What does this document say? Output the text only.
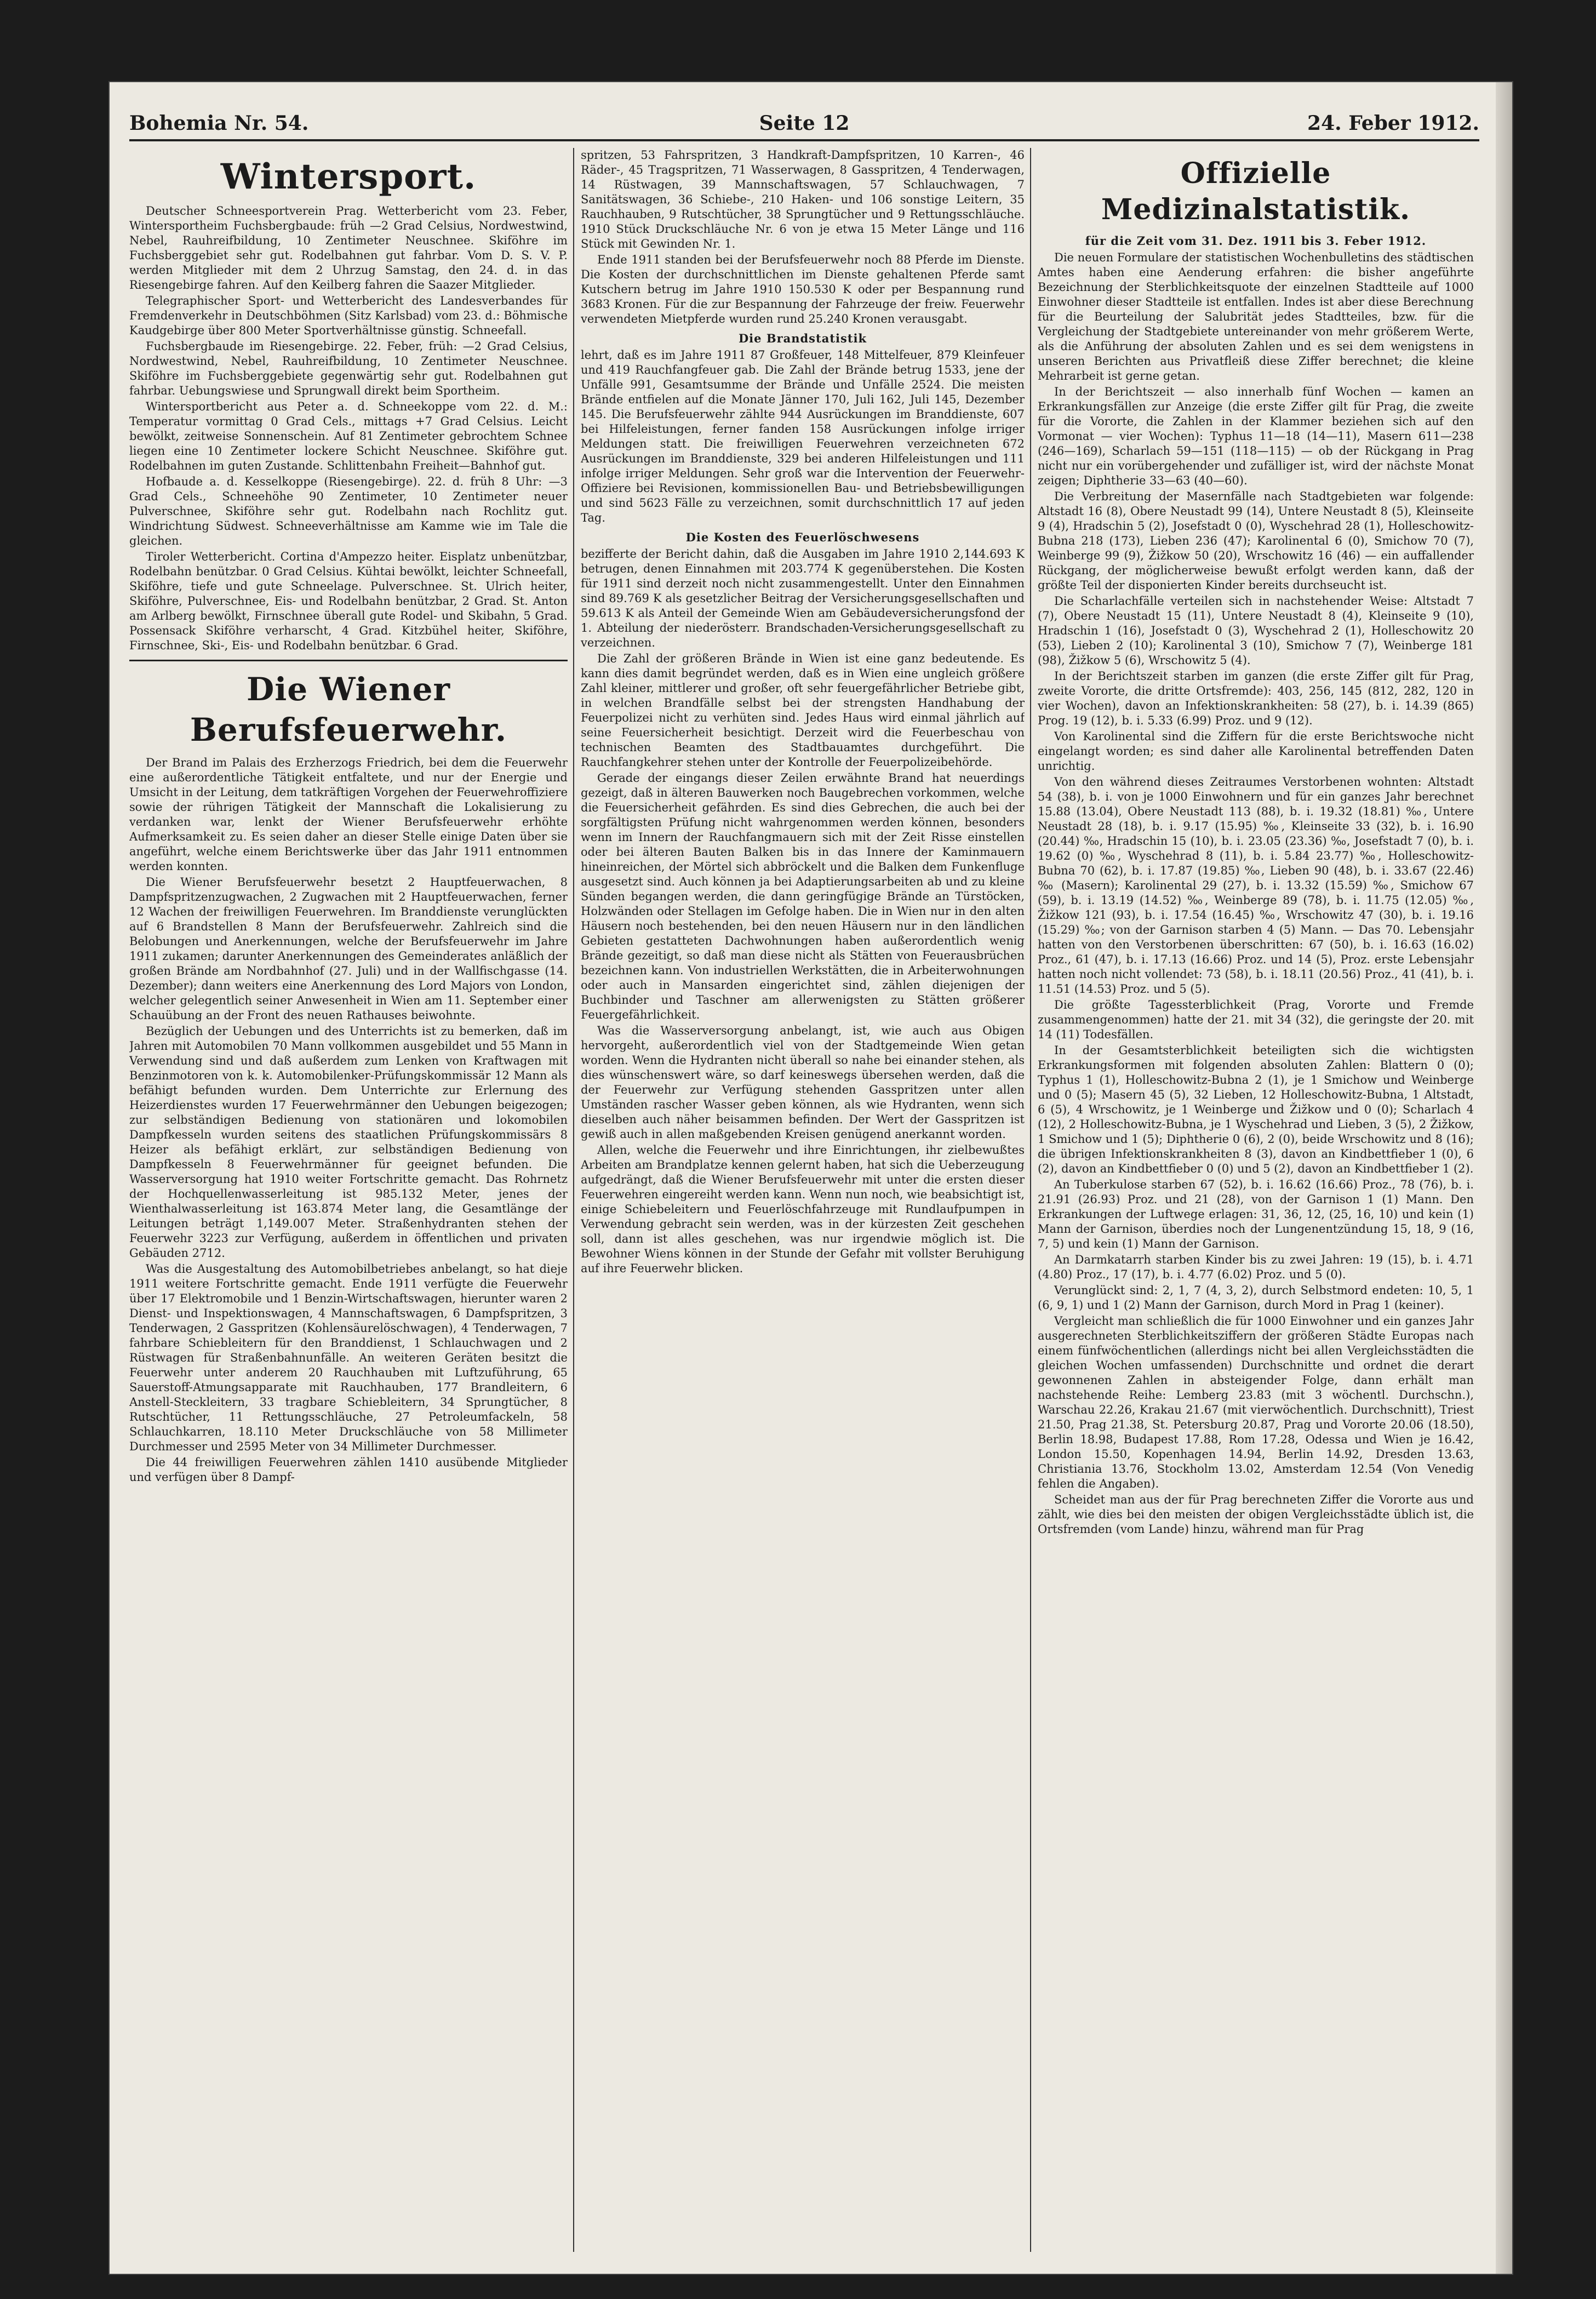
Bohemia Nr. 54.	Seite 12	24. Feber 1912.
Wintersport.

Deutscher Schneesportverein Prag. Wetterbericht vom 23. Feber, Wintersportheim Fuchsbergbaude: früh —2 Grad Celsius, Nordwestwind, Nebel, Rauhreifbildung, 10 Zentimeter Neuschnee. Skiföhre im Fuchsberggebiet sehr gut. Rodelbahnen gut fahrbar. Vom D. S. V. P. werden Mitglieder mit dem 2 Uhrzug Samstag, den 24. d. in das Riesengebirge fahren. Auf den Keilberg fahren die Saazer Mitglieder.

Telegraphischer Sport- und Wetterbericht des Landesverbandes für Fremdenverkehr in Deutschböhmen (Sitz Karlsbad) vom 23. d.: Böhmische Kaudgebirge über 800 Meter Sportverhältnisse günstig. Schneefall.

Fuchsbergbaude im Riesengebirge. 22. Feber, früh: —2 Grad Celsius, Nordwestwind, Nebel, Rauhreifbildung, 10 Zentimeter Neuschnee. Skiföhre im Fuchsberggebiete gegenwärtig sehr gut. Rodelbahnen gut fahrbar. Uebungswiese und Sprungwall direkt beim Sportheim.

Wintersportbericht aus Peter a. d. Schneekoppe vom 22. d. M.: Temperatur vormittag 0 Grad Cels., mittags +7 Grad Celsius. Leicht bewölkt, zeitweise Sonnenschein. Auf 81 Zentimeter gebrochtem Schnee liegen eine 10 Zentimeter lockere Schicht Neuschnee. Skiföhre gut. Rodelbahnen im guten Zustande. Schlittenbahn Freiheit—Bahnhof gut.

Hofbaude a. d. Kesselkoppe (Riesengebirge). 22. d. früh 8 Uhr: —3 Grad Cels., Schneehöhe 90 Zentimeter, 10 Zentimeter neuer Pulverschnee, Skiföhre sehr gut. Rodelbahn nach Rochlitz gut. Windrichtung Südwest. Schneeverhältnisse am Kamme wie im Tale die gleichen.

Tiroler Wetterbericht. Cortina d'Ampezzo heiter. Eisplatz unbenützbar, Rodelbahn benützbar. 0 Grad Celsius. Kühtai bewölkt, leichter Schneefall, Skiföhre, tiefe und gute Schneelage. Pulverschnee. St. Ulrich heiter, Skiföhre, Pulverschnee, Eis- und Rodelbahn benützbar, 2 Grad. St. Anton am Arlberg bewölkt, Firnschnee überall gute Rodel- und Skibahn, 5 Grad. Possensack Skiföhre verharscht, 4 Grad. Kitzbühel heiter, Skiföhre, Firnschnee, Ski-, Eis- und Rodelbahn benützbar. 6 Grad.

Die Wiener Berufsfeuerwehr.

Der Brand im Palais des Erzherzogs Friedrich, bei dem die Feuerwehr eine außerordentliche Tätigkeit entfaltete, und nur der Energie und Umsicht in der Leitung, dem tatkräftigen Vorgehen der Feuerwehroffiziere sowie der rührigen Tätigkeit der Mannschaft die Lokalisierung zu verdanken war, lenkt der Wiener Berufsfeuerwehr erhöhte Aufmerksamkeit zu. Es seien daher an dieser Stelle einige Daten über sie angeführt, welche einem Berichtswerke über das Jahr 1911 entnommen werden konnten.

Die Wiener Berufsfeuerwehr besetzt 2 Hauptfeuerwachen, 8 Dampfspritzenzugwachen, 2 Zugwachen mit 2 Hauptfeuerwachen, ferner 12 Wachen der freiwilligen Feuerwehren. Im Branddienste verunglückten auf 6 Brandstellen 8 Mann der Berufsfeuerwehr. Zahlreich sind die Belobungen und Anerkennungen, welche der Berufsfeuerwehr im Jahre 1911 zukamen; darunter Anerkennungen des Gemeinderates anläßlich der großen Brände am Nordbahnhof (27. Juli) und in der Wallfischgasse (14. Dezember); dann weiters eine Anerkennung des Lord Majors von London, welcher gelegentlich seiner Anwesenheit in Wien am 11. September einer Schauübung an der Front des neuen Rathauses beiwohnte.

Bezüglich der Uebungen und des Unterrichts ist zu bemerken, daß im Jahren mit Automobilen 70 Mann vollkommen ausgebildet und 55 Mann in Verwendung sind und daß außerdem zum Lenken von Kraftwagen mit Benzinmotoren von k. k. Automobilenker-Prüfungskommissär 12 Mann als befähigt befunden wurden. Dem Unterrichte zur Erlernung des Heizerdienstes wurden 17 Feuerwehrmänner den Uebungen beigezogen; zur selbständigen Bedienung von stationären und lokomobilen Dampfkesseln wurden seitens des staatlichen Prüfungskommissärs 8 Heizer als befähigt erklärt, zur selbständigen Bedienung von Dampfkesseln 8 Feuerwehrmänner für geeignet befunden. Die Wasserversorgung hat 1910 weiter Fortschritte gemacht. Das Rohrnetz der Hochquellenwasserleitung ist 985.132 Meter, jenes der Wienthalwasserleitung ist 163.874 Meter lang, die Gesamtlänge der Leitungen beträgt 1,149.007 Meter. Straßenhydranten stehen der Feuerwehr 3223 zur Verfügung, außerdem in öffentlichen und privaten Gebäuden 2712.

Was die Ausgestaltung des Automobilbetriebes anbelangt, so hat dieje 1911 weitere Fortschritte gemacht. Ende 1911 verfügte die Feuerwehr über 17 Elektromobile und 1 Benzin-Wirtschaftswagen, hierunter waren 2 Dienst- und Inspektionswagen, 4 Mannschaftswagen, 6 Dampfspritzen, 3 Tenderwagen, 2 Gasspritzen (Kohlensäurelöschwagen), 4 Tenderwagen, 7 fahrbare Schiebleitern für den Branddienst, 1 Schlauchwagen und 2 Rüstwagen für Straßenbahnunfälle. An weiteren Geräten besitzt die Feuerwehr unter anderem 20 Rauchhauben mit Luftzuführung, 65 Sauerstoff-Atmungsapparate mit Rauchhauben, 177 Brandleitern, 6 Anstell-Steckleitern, 33 tragbare Schiebleitern, 34 Sprungtücher, 8 Rutschtücher, 11 Rettungsschläuche, 27 Petroleumfackeln, 58 Schlauchkarren, 18.110 Meter Druckschläuche von 58 Millimeter Durchmesser und 2595 Meter von 34 Millimeter Durchmesser.

Die 44 freiwilligen Feuerwehren zählen 1410 ausübende Mitglieder und verfügen über 8 Dampf-

spritzen, 53 Fahrspritzen, 3 Handkraft-Dampfspritzen, 10 Karren-, 46 Räder-, 45 Tragspritzen, 71 Wasserwagen, 8 Gasspritzen, 4 Tenderwagen, 14 Rüstwagen, 39 Mannschaftswagen, 57 Schlauchwagen, 7 Sanitätswagen, 36 Schiebe-, 210 Haken- und 106 sonstige Leitern, 35 Rauchhauben, 9 Rutschtücher, 38 Sprungtücher und 9 Rettungsschläuche. 1910 Stück Druckschläuche Nr. 6 von je etwa 15 Meter Länge und 116 Stück mit Gewinden Nr. 1.

Ende 1911 standen bei der Berufsfeuerwehr noch 88 Pferde im Dienste. Die Kosten der durchschnittlichen im Dienste gehaltenen Pferde samt Kutschern betrug im Jahre 1910 150.530 K oder per Bespannung rund 3683 Kronen. Für die zur Bespannung der Fahrzeuge der freiw. Feuerwehr verwendeten Mietpferde wurden rund 25.240 Kronen verausgabt.

Die Brandstatistik

lehrt, daß es im Jahre 1911 87 Großfeuer, 148 Mittelfeuer, 879 Kleinfeuer und 419 Rauchfangfeuer gab. Die Zahl der Brände betrug 1533, jene der Unfälle 991, Gesamtsumme der Brände und Unfälle 2524. Die meisten Brände entfielen auf die Monate Jänner 170, Juli 162, Juli 145, Dezember 145. Die Berufsfeuerwehr zählte 944 Ausrückungen im Branddienste, 607 bei Hilfeleistungen, ferner fanden 158 Ausrückungen infolge irriger Meldungen statt. Die freiwilligen Feuerwehren verzeichneten 672 Ausrückungen im Branddienste, 329 bei anderen Hilfeleistungen und 111 infolge irriger Meldungen. Sehr groß war die Intervention der Feuerwehr-Offiziere bei Revisionen, kommissionellen Bau- und Betriebsbewilligungen und sind 5623 Fälle zu verzeichnen, somit durchschnittlich 17 auf jeden Tag.

Die Kosten des Feuerlöschwesens

bezifferte der Bericht dahin, daß die Ausgaben im Jahre 1910 2,144.693 K betrugen, denen Einnahmen mit 203.774 K gegenüberstehen. Die Kosten für 1911 sind derzeit noch nicht zusammengestellt. Unter den Einnahmen sind 89.769 K als gesetzlicher Beitrag der Versicherungsgesellschaften und 59.613 K als Anteil der Gemeinde Wien am Gebäudeversicherungsfond der 1. Abteilung der niederösterr. Brandschaden-Versicherungsgesellschaft zu verzeichnen.

Die Zahl der größeren Brände in Wien ist eine ganz bedeutende. Es kann dies damit begründet werden, daß es in Wien eine ungleich größere Zahl kleiner, mittlerer und großer, oft sehr feuergefährlicher Betriebe gibt, in welchen Brandfälle selbst bei der strengsten Handhabung der Feuerpolizei nicht zu verhüten sind. Jedes Haus wird einmal jährlich auf seine Feuersicherheit besichtigt. Derzeit wird die Feuerbeschau von technischen Beamten des Stadtbauamtes durchgeführt. Die Rauchfangkehrer stehen unter der Kontrolle der Feuerpolizeibehörde.

Gerade der eingangs dieser Zeilen erwähnte Brand hat neuerdings gezeigt, daß in älteren Bauwerken noch Baugebrechen vorkommen, welche die Feuersicherheit gefährden. Es sind dies Gebrechen, die auch bei der sorgfältigsten Prüfung nicht wahrgenommen werden können, besonders wenn im Innern der Rauchfangmauern sich mit der Zeit Risse einstellen oder bei älteren Bauten Balken bis in das Innere der Kaminmauern hineinreichen, der Mörtel sich abbröckelt und die Balken dem Funkenfluge ausgesetzt sind. Auch können ja bei Adaptierungsarbeiten ab und zu kleine Sünden begangen werden, die dann geringfügige Brände an Türstöcken, Holzwänden oder Stellagen im Gefolge haben. Die in Wien nur in den alten Häusern noch bestehenden, bei den neuen Häusern nur in den ländlichen Gebieten gestatteten Dachwohnungen haben außerordentlich wenig Brände gezeitigt, so daß man diese nicht als Stätten von Feuerausbrüchen bezeichnen kann. Von industriellen Werkstätten, die in Arbeiterwohnungen oder auch in Mansarden eingerichtet sind, zählen diejenigen der Buchbinder und Taschner am allerwenigsten zu Stätten größerer Feuergefährlichkeit.

Was die Wasserversorgung anbelangt, ist, wie auch aus Obigen hervorgeht, außerordentlich viel von der Stadtgemeinde Wien getan worden. Wenn die Hydranten nicht überall so nahe bei einander stehen, als dies wünschenswert wäre, so darf keineswegs übersehen werden, daß die der Feuerwehr zur Verfügung stehenden Gasspritzen unter allen Umständen rascher Wasser geben können, als wie Hydranten, wenn sich dieselben auch näher beisammen befinden. Der Wert der Gasspritzen ist gewiß auch in allen maßgebenden Kreisen genügend anerkannt worden.

Allen, welche die Feuerwehr und ihre Einrichtungen, ihr zielbewußtes Arbeiten am Brandplatze kennen gelernt haben, hat sich die Ueberzeugung aufgedrängt, daß die Wiener Berufsfeuerwehr mit unter die ersten dieser Feuerwehren eingereiht werden kann. Wenn nun noch, wie beabsichtigt ist, einige Schiebeleitern und Feuerlöschfahrzeuge mit Rundlaufpumpen in Verwendung gebracht sein werden, was in der kürzesten Zeit geschehen soll, dann ist alles geschehen, was nur irgendwie möglich ist. Die Bewohner Wiens können in der Stunde der Gefahr mit vollster Beruhigung auf ihre Feuerwehr blicken.

Offizielle Medizinalstatistik.
für die Zeit vom 31. Dez. 1911 bis 3. Feber 1912.

Die neuen Formulare der statistischen Wochenbulletins des städtischen Amtes haben eine Aenderung erfahren: die bisher angeführte Bezeichnung der Sterblichkeitsquote der einzelnen Stadtteile auf 1000 Einwohner dieser Stadtteile ist entfallen. Indes ist aber diese Berechnung für die Beurteilung der Salubrität jedes Stadtteiles, bzw. für die Vergleichung der Stadtgebiete untereinander von mehr größerem Werte, als die Anführung der absoluten Zahlen und es sei dem wenigstens in unseren Berichten aus Privatfleiß diese Ziffer berechnet; die kleine Mehrarbeit ist gerne getan.

In der Berichtszeit — also innerhalb fünf Wochen — kamen an Erkrankungsfällen zur Anzeige (die erste Ziffer gilt für Prag, die zweite für die Vororte, die Zahlen in der Klammer beziehen sich auf den Vormonat — vier Wochen): Typhus 11—18 (14—11), Masern 611—238 (246—169), Scharlach 59—151 (118—115) — ob der Rückgang in Prag nicht nur ein vorübergehender und zufälliger ist, wird der nächste Monat zeigen; Diphtherie 33—63 (40—60).

Die Verbreitung der Masernfälle nach Stadtgebieten war folgende: Altstadt 16 (8), Obere Neustadt 99 (14), Untere Neustadt 8 (5), Kleinseite 9 (4), Hradschin 5 (2), Josefstadt 0 (0), Wyschehrad 28 (1), Holleschowitz-Bubna 218 (173), Lieben 236 (47); Karolinental 6 (0), Smichow 70 (7), Weinberge 99 (9), Žižkow 50 (20), Wrschowitz 16 (46) — ein auffallender Rückgang, der möglicherweise bewußt erfolgt werden kann, daß der größte Teil der disponierten Kinder bereits durchseucht ist.

Die Scharlachfälle verteilen sich in nachstehender Weise: Altstadt 7 (7), Obere Neustadt 15 (11), Untere Neustadt 8 (4), Kleinseite 9 (10), Hradschin 1 (16), Josefstadt 0 (3), Wyschehrad 2 (1), Holleschowitz 20 (53), Lieben 2 (10); Karolinental 3 (10), Smichow 7 (7), Weinberge 181 (98), Žižkow 5 (6), Wrschowitz 5 (4).

In der Berichtszeit starben im ganzen (die erste Ziffer gilt für Prag, zweite Vororte, die dritte Ortsfremde): 403, 256, 145 (812, 282, 120 in vier Wochen), davon an Infektionskrankheiten: 58 (27), b. i. 14.39 (865) Prog. 19 (12), b. i. 5.33 (6.99) Proz. und 9 (12).

Von Karolinental sind die Ziffern für die erste Berichtswoche nicht eingelangt worden; es sind daher alle Karolinental betreffenden Daten unrichtig.

Von den während dieses Zeitraumes Verstorbenen wohnten: Altstadt 54 (38), b. i. von je 1000 Einwohnern und für ein ganzes Jahr berechnet 15.88 (13.04), Obere Neustadt 113 (88), b. i. 19.32 (18.81) ‰, Untere Neustadt 28 (18), b. i. 9.17 (15.95) ‰, Kleinseite 33 (32), b. i. 16.90 (20.44) ‰, Hradschin 15 (10), b. i. 23.05 (23.36) ‰, Josefstadt 7 (0), b. i. 19.62 (0) ‰, Wyschehrad 8 (11), b. i. 5.84 23.77) ‰, Holleschowitz-Bubna 70 (62), b. i. 17.87 (19.85) ‰, Lieben 90 (48), b. i. 33.67 (22.46) ‰ (Masern); Karolinental 29 (27), b. i. 13.32 (15.59) ‰, Smichow 67 (59), b. i. 13.19 (14.52) ‰, Weinberge 89 (78), b. i. 11.75 (12.05) ‰, Žižkow 121 (93), b. i. 17.54 (16.45) ‰, Wrschowitz 47 (30), b. i. 19.16 (15.29) ‰; von der Garnison starben 4 (5) Mann. — Das 70. Lebensjahr hatten von den Verstorbenen überschritten: 67 (50), b. i. 16.63 (16.02) Proz., 61 (47), b. i. 17.13 (16.66) Proz. und 14 (5), Proz. erste Lebensjahr hatten noch nicht vollendet: 73 (58), b. i. 18.11 (20.56) Proz., 41 (41), b. i. 11.51 (14.53) Proz. und 5 (5).

Die größte Tagessterblichkeit (Prag, Vororte und Fremde zusammengenommen) hatte der 21. mit 34 (32), die geringste der 20. mit 14 (11) Todesfällen.

In der Gesamtsterblichkeit beteiligten sich die wichtigsten Erkrankungsformen mit folgenden absoluten Zahlen: Blattern 0 (0); Typhus 1 (1), Holleschowitz-Bubna 2 (1), je 1 Smichow und Weinberge und 0 (5); Masern 45 (5), 32 Lieben, 12 Holleschowitz-Bubna, 1 Altstadt, 6 (5), 4 Wrschowitz, je 1 Weinberge und Žižkow und 0 (0); Scharlach 4 (12), 2 Holleschowitz-Bubna, je 1 Wyschehrad und Lieben, 3 (5), 2 Žižkow, 1 Smichow und 1 (5); Diphtherie 0 (6), 2 (0), beide Wrschowitz und 8 (16); die übrigen Infektionskrankheiten 8 (3), davon an Kindbettfieber 1 (0), 6 (2), davon an Kindbettfieber 0 (0) und 5 (2), davon an Kindbettfieber 1 (2).

An Tuberkulose starben 67 (52), b. i. 16.62 (16.66) Proz., 78 (76), b. i. 21.91 (26.93) Proz. und 21 (28), von der Garnison 1 (1) Mann. Den Erkrankungen der Luftwege erlagen: 31, 36, 12, (25, 16, 10) und kein (1) Mann der Garnison, überdies noch der Lungenentzündung 15, 18, 9 (16, 7, 5) und kein (1) Mann der Garnison.

An Darmkatarrh starben Kinder bis zu zwei Jahren: 19 (15), b. i. 4.71 (4.80) Proz., 17 (17), b. i. 4.77 (6.02) Proz. und 5 (0).

Verunglückt sind: 2, 1, 7 (4, 3, 2), durch Selbstmord endeten: 10, 5, 1 (6, 9, 1) und 1 (2) Mann der Garnison, durch Mord in Prag 1 (keiner).

Vergleicht man schließlich die für 1000 Einwohner und ein ganzes Jahr ausgerechneten Sterblichkeitsziffern der größeren Städte Europas nach einem fünfwöchentlichen (allerdings nicht bei allen Vergleichsstädten die gleichen Wochen umfassenden) Durchschnitte und ordnet die derart gewonnenen Zahlen in absteigender Folge, dann erhält man nachstehende Reihe: Lemberg 23.83 (mit 3 wöchentl. Durchschn.), Warschau 22.26, Krakau 21.67 (mit vierwöchentlich. Durchschnitt), Triest 21.50, Prag 21.38, St. Petersburg 20.87, Prag und Vororte 20.06 (18.50), Berlin 18.98, Budapest 17.88, Rom 17.28, Odessa und Wien je 16.42, London 15.50, Kopenhagen 14.94, Berlin 14.92, Dresden 13.63, Christiania 13.76, Stockholm 13.02, Amsterdam 12.54 (Von Venedig fehlen die Angaben).

Scheidet man aus der für Prag berechneten Ziffer die Vororte aus und zählt, wie dies bei den meisten der obigen Vergleichsstädte üblich ist, die Ortsfremden (vom Lande) hinzu, während man für Prag
